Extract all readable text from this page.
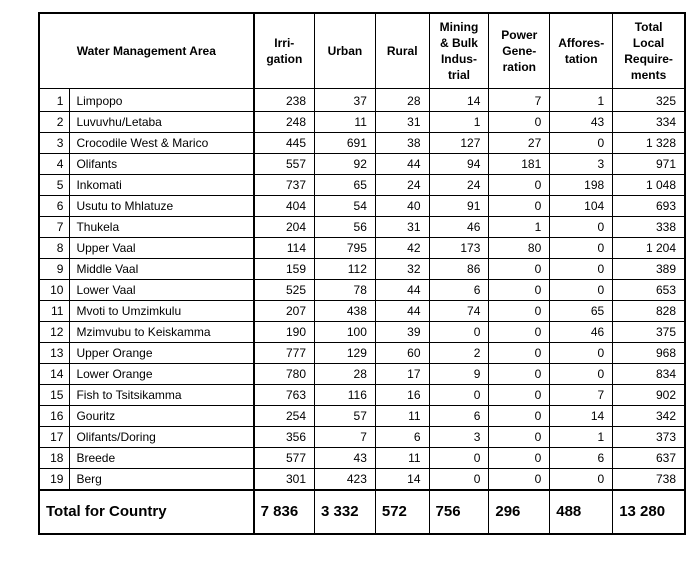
Water Management Area		Irri-
gation	Urban	Rural	Mining
& Bulk
Indus-
trial	Power
Gene-
ration	Affores-
tation	Total
Local
Require-
ments
1	Limpopo	238	37	28	14	7	1	325
2	Luvuvhu/Letaba	248	11	31	1	0	43	334
3	Crocodile West & Marico	445	691	38	127	27	0	1 328
4	Olifants	557	92	44	94	181	3	971
5	Inkomati	737	65	24	24	0	198	1 048
6	Usutu to Mhlatuze	404	54	40	91	0	104	693
7	Thukela	204	56	31	46	1	0	338
8	Upper Vaal	114	795	42	173	80	0	1 204
9	Middle Vaal	159	112	32	86	0	0	389
10	Lower Vaal	525	78	44	6	0	0	653
11	Mvoti to Umzimkulu	207	438	44	74	0	65	828
12	Mzimvubu to Keiskamma	190	100	39	0	0	46	375
13	Upper Orange	777	129	60	2	0	0	968
14	Lower Orange	780	28	17	9	0	0	834
15	Fish to Tsitsikamma	763	116	16	0	0	7	902
16	Gouritz	254	57	11	6	0	14	342
17	Olifants/Doring	356	7	6	3	0	1	373
18	Breede	577	43	11	0	0	6	637
19	Berg	301	423	14	0	0	0	738
Total for Country		7 836	3 332	572	756	296	488	13 280
